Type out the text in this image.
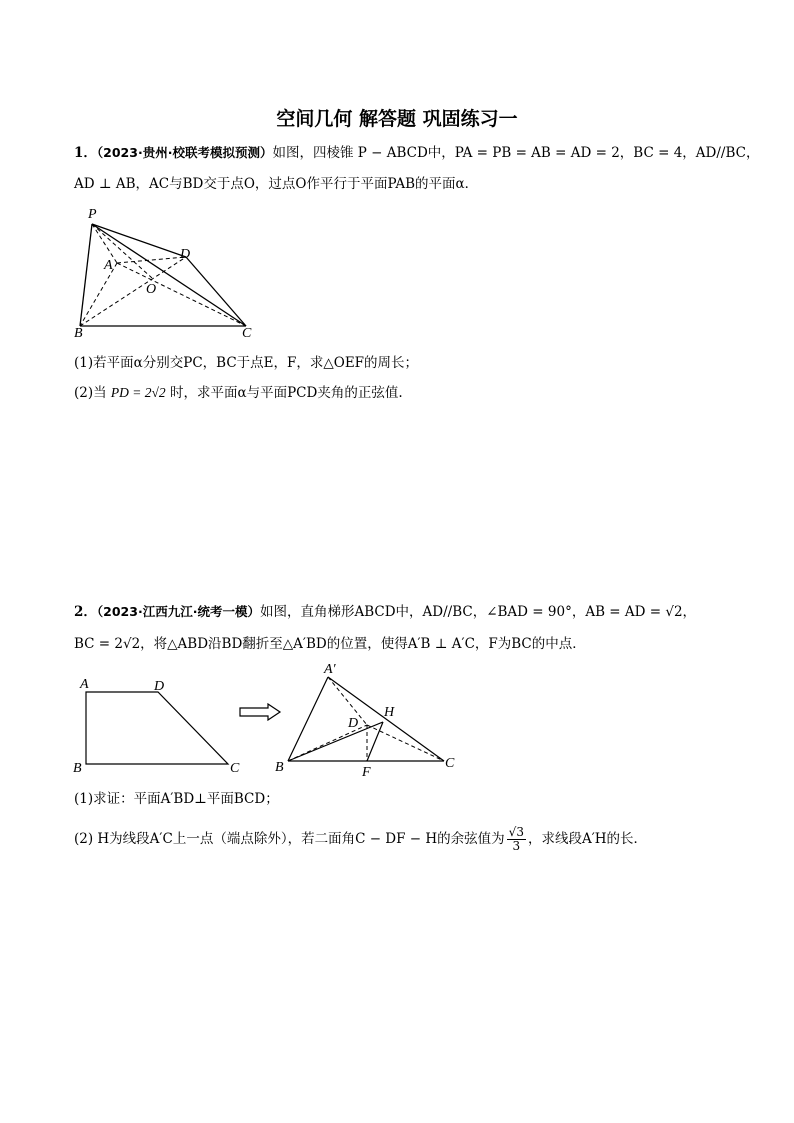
空间几何 解答题 巩固练习一
1．（2023·贵州·校联考模拟预测）如图，四棱锥 P − ABCD中，PA = PB = AB = AD = 2，BC = 4，AD//BC，
AD ⊥ AB，AC与BD交于点O，过点O作平行于平面PAB的平面α．
P
A
D
O
B	C
(1)若平面α分别交PC，BC于点E，F，求△OEF的周长；
(2)当 PD = 2√2 时，求平面α与平面PCD夹角的正弦值.
2．（2023·江西九江·统考一模）如图，直角梯形ABCD中，AD//BC，∠BAD = 90°，AB = AD = √2，
BC = 2√2，将△ABD沿BD翻折至△A′BD的位置，使得A′B ⊥ A′C，F为BC的中点．
A	D
B	C
A′
H
D
B	F
C
(1)求证：平面A′BD⊥平面BCD；
(2) H为线段A′C上一点（端点除外），若二面角C − DF − H的余弦值为 $\frac{√3}{3}$ ，求线段A′H的长．
